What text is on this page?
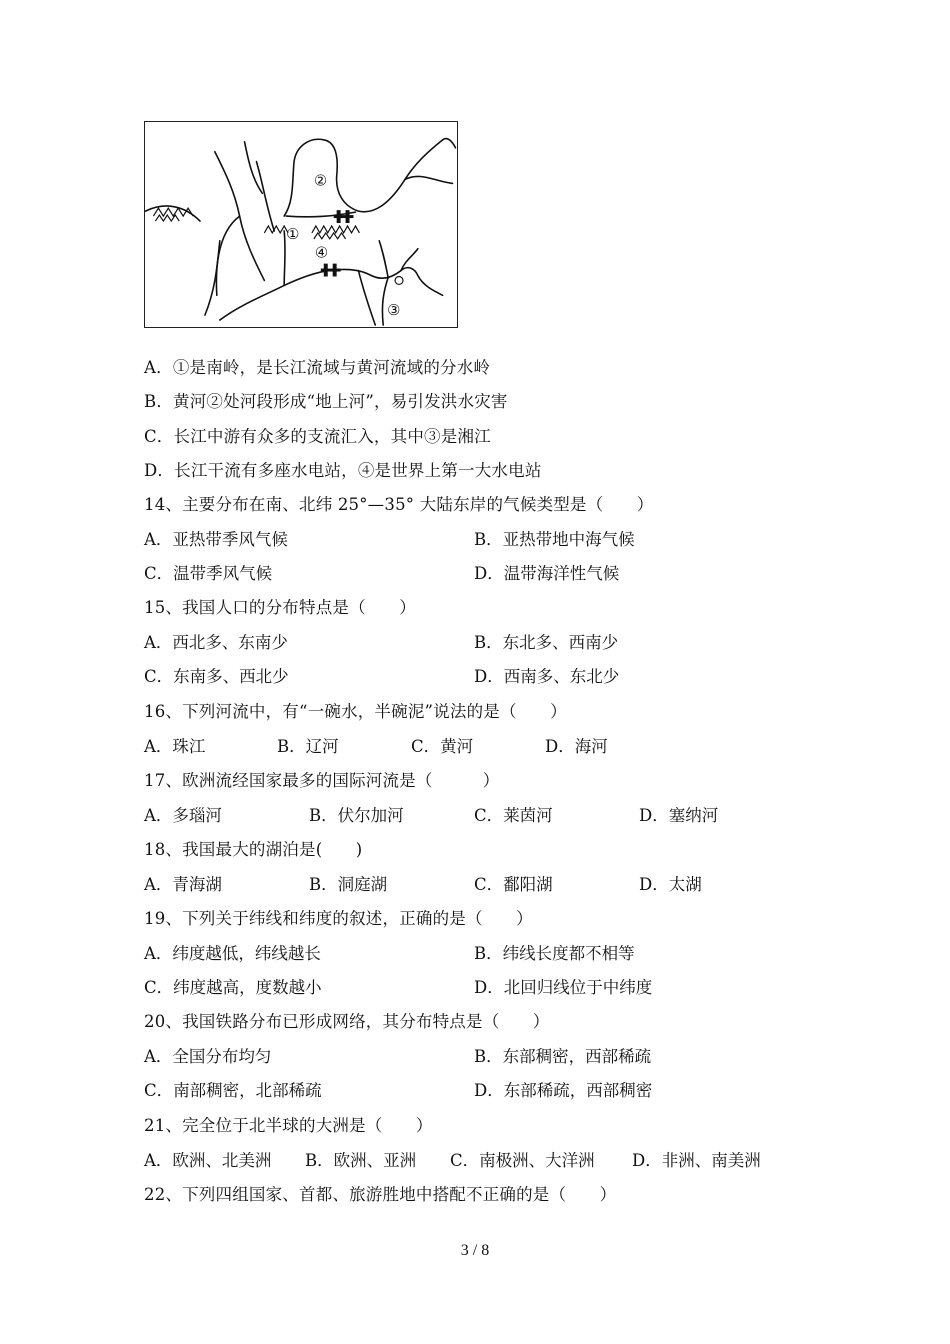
①
②
③
④
A．①是南岭，是长江流域与黄河流域的分水岭
B．黄河②处河段形成“地上河”，易引发洪水灾害
C．长江中游有众多的支流汇入，其中③是湘江
D．长江干流有多座水电站，④是世界上第一大水电站
14、主要分布在南、北纬 25°—35° 大陆东岸的气候类型是（　　）
A．亚热带季风气候	B．亚热带地中海气候
C．温带季风气候	D．温带海洋性气候
15、我国人口的分布特点是（　　）
A．西北多、东南少	B．东北多、西南少
C．东南多、西北少	D．西南多、东北少
16、下列河流中，有“一碗水，半碗泥”说法的是（　　）
A．珠江	B．辽河	C．黄河	D．海河
17、欧洲流经国家最多的国际河流是（　　　）
A．多瑙河	B．伏尔加河	C．莱茵河	D．塞纳河
18、我国最大的湖泊是(　　)
A．青海湖	B．洞庭湖	C．鄱阳湖	D．太湖
19、下列关于纬线和纬度的叙述，正确的是（　　）
A．纬度越低，纬线越长	B．纬线长度都不相等
C．纬度越高，度数越小	D．北回归线位于中纬度
20、我国铁路分布已形成网络，其分布特点是（　　）
A．全国分布均匀	B．东部稠密，西部稀疏
C．南部稠密，北部稀疏	D．东部稀疏，西部稠密
21、完全位于北半球的大洲是（　　）
A．欧洲、北美洲 B．欧洲、亚洲 C．南极洲、大洋洲 D．非洲、南美洲
22、下列四组国家、首都、旅游胜地中搭配不正确的是（　　）
3 / 8
